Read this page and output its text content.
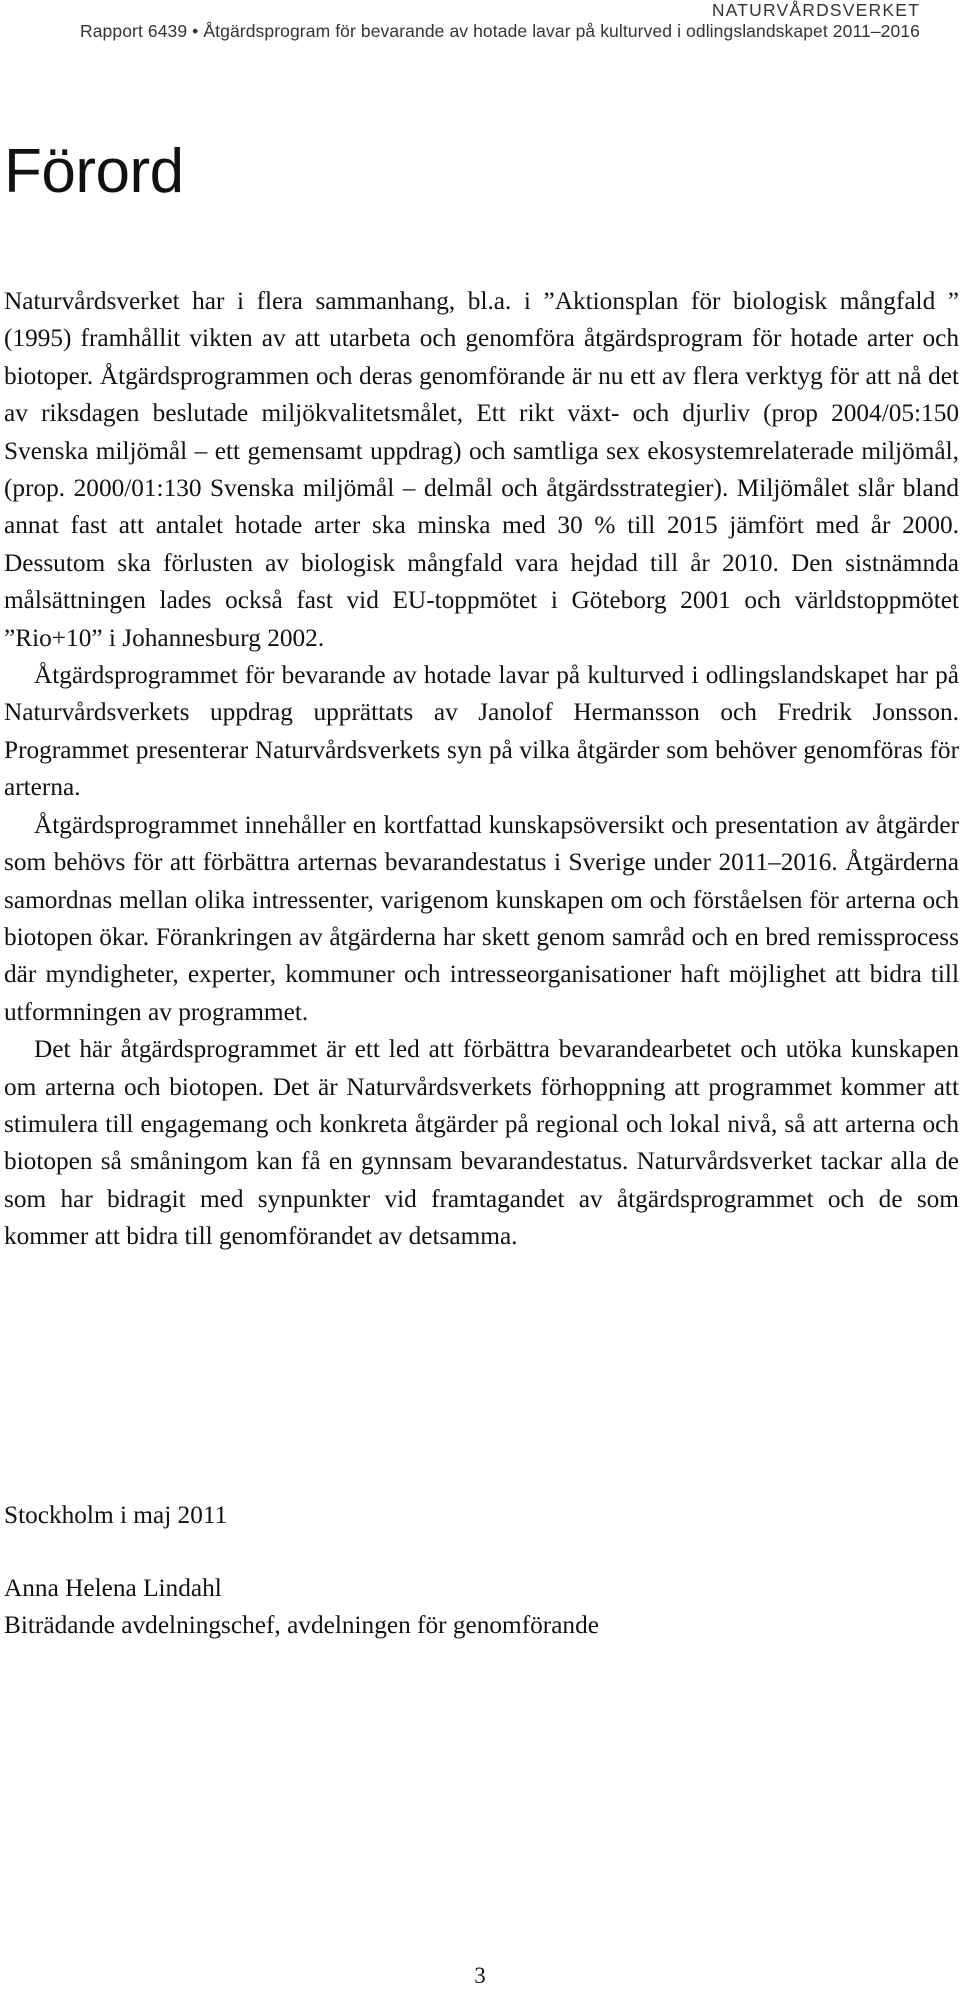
NATURVÅRDSVERKET
Rapport 6439 • Åtgärdsprogram för bevarande av hotade lavar på kulturved i odlingslandskapet 2011–2016
Förord

Naturvårdsverket har i flera sammanhang, bl.a. i ”Aktionsplan för biologisk mångfald ” (1995) framhållit vikten av att utarbeta och genomföra åtgärdsprogram för hotade arter och biotoper. Åtgärdsprogrammen och deras genomförande är nu ett av flera verktyg för att nå det av riksdagen beslutade miljökvalitetsmålet, Ett rikt växt- och djurliv (prop 2004/05:150 Svenska miljömål – ett gemensamt uppdrag) och samtliga sex ekosystemrelaterade miljömål, (prop. 2000/01:130 Svenska miljömål – delmål och åtgärdsstrategier). Miljömålet slår bland annat fast att antalet hotade arter ska minska med 30 % till 2015 jämfört med år 2000. Dessutom ska förlusten av biologisk mångfald vara hejdad till år 2010. Den sistnämnda målsättningen lades också fast vid EU-toppmötet i Göteborg 2001 och världstoppmötet ”Rio+10” i Johannesburg 2002.

Åtgärdsprogrammet för bevarande av hotade lavar på kulturved i odlingslandskapet har på Naturvårdsverkets uppdrag upprättats av Janolof Hermansson och Fredrik Jonsson. Programmet presenterar Naturvårdsverkets syn på vilka åtgärder som behöver genomföras för arterna.

Åtgärdsprogrammet innehåller en kortfattad kunskapsöversikt och presentation av åtgärder som behövs för att förbättra arternas bevarandestatus i Sverige under 2011–2016. Åtgärderna samordnas mellan olika intressenter, varigenom kunskapen om och förståelsen för arterna och biotopen ökar. Förankringen av åtgärderna har skett genom samråd och en bred remissprocess där myndigheter, experter, kommuner och intresseorganisationer haft möjlighet att bidra till utformningen av programmet.

Det här åtgärdsprogrammet är ett led att förbättra bevarandearbetet och utöka kunskapen om arterna och biotopen. Det är Naturvårdsverkets förhoppning att programmet kommer att stimulera till engagemang och konkreta åtgärder på regional och lokal nivå, så att arterna och biotopen så småningom kan få en gynnsam bevarandestatus. Naturvårdsverket tackar alla de som har bidragit med synpunkter vid framtagandet av åtgärdsprogrammet och de som kommer att bidra till genomförandet av detsamma.

Stockholm i maj 2011
Anna Helena Lindahl
Biträdande avdelningschef, avdelningen för genomförande
3
